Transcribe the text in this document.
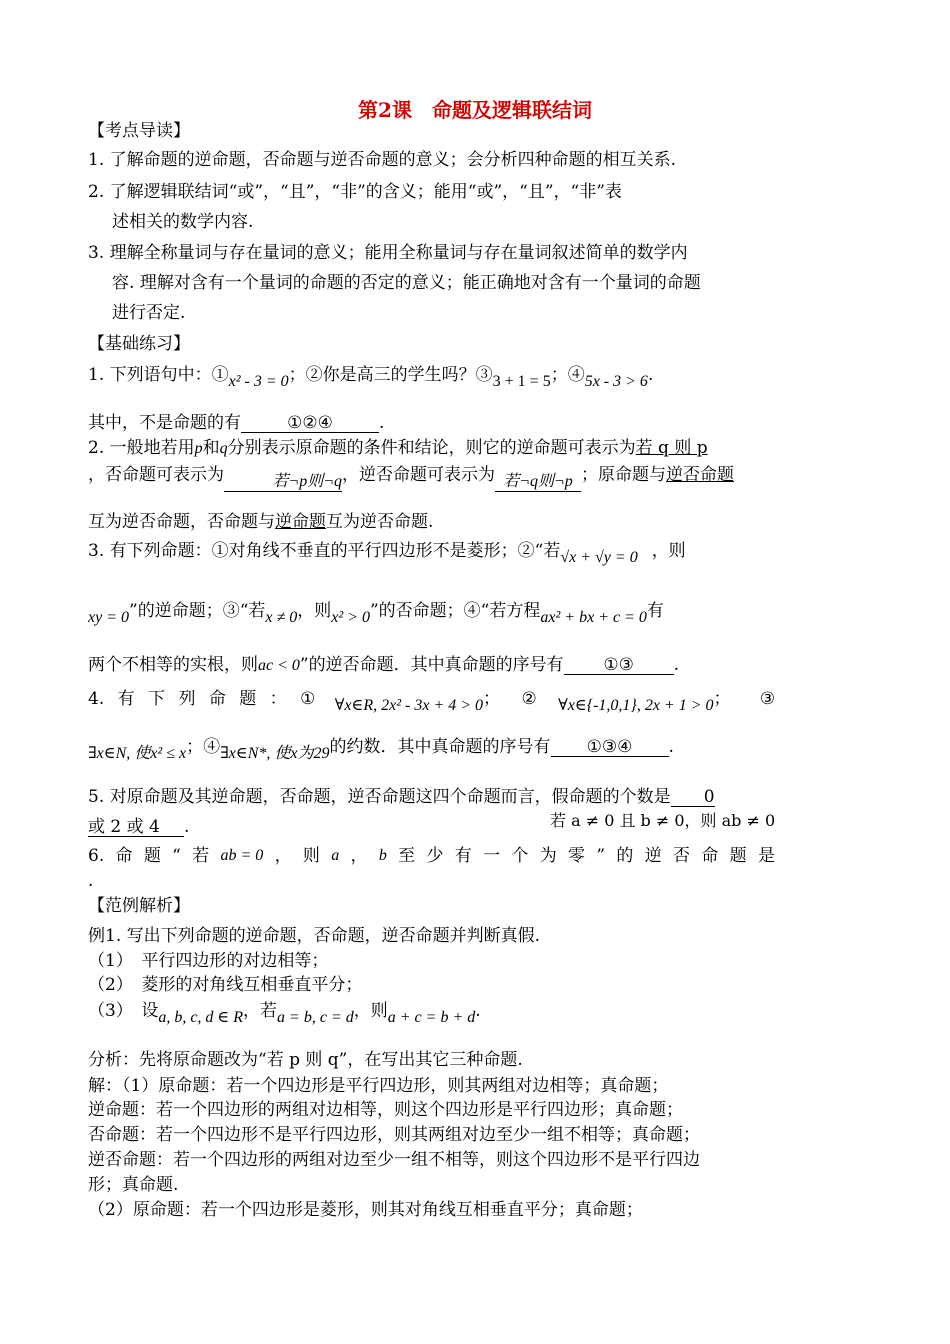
第2课　命题及逻辑联结词
【考点导读】
1. 了解命题的逆命题，否命题与逆否命题的意义；会分析四种命题的相互关系.
2. 了解逻辑联结词“或”，“且”，“非”的含义；能用“或”，“且”，“非”表
述相关的数学内容.
3. 理解全称量词与存在量词的意义；能用全称量词与存在量词叙述简单的数学内
容. 理解对含有一个量词的命题的否定的意义；能正确地对含有一个量词的命题
进行否定.
【基础练习】
1. 下列语句中：①x² - 3 = 0；②你是高三的学生吗？③3 + 1 = 5；④5x - 3 > 6.
其中，不是命题的有	①②④	.
2. 一般地若用p和q分别表示原命题的条件和结论，则它的逆命题可表示为若 q 则 p
，否命题可表示为	若¬p则¬q，逆否命题可表示为 若¬q则¬p ；原命题与逆否命题
互为逆否命题，否命题与逆命题互为逆否命题.
3. 有下列命题：①对角线不垂直的平行四边形不是菱形；②“若√x + √y = 0 ，则
xy = 0”的逆命题；③“若x ≠ 0，则x² > 0”的否命题；④“若方程ax² + bx + c = 0有
两个不相等的实根，则ac < 0”的逆否命题．其中真命题的序号有 ①③ .
4. 有 下 列 命 题 ： ① ∀x∈R, 2x² - 3x + 4 > 0； ② ∀x∈{-1,0,1}, 2x + 1 > 0； ③
∃x∈N, 使x² ≤ x；④∃x∈N*, 使x为29的约数．其中真命题的序号有 ①③④ .
5. 对原命题及其逆命题，否命题，逆否命题这四个命题而言，假命题的个数是 0
或 2 或 4 .	若 a ≠ 0 且 b ≠ 0，则 ab ≠ 0
6. 命 题 “ 若 ab = 0 ， 则 a ， b 至 少 有 一 个 为 零 ” 的 逆 否 命 题 是
.
【范例解析】
例1. 写出下列命题的逆命题，否命题，逆否命题并判断真假.
（1）　平行四边形的对边相等；
（2）　菱形的对角线互相垂直平分；
（3）　设a, b, c, d ∈ R，若a = b, c = d，则a + c = b + d.
分析：先将原命题改为“若 p 则 q”，在写出其它三种命题.
解：（1）原命题：若一个四边形是平行四边形，则其两组对边相等；真命题；
逆命题：若一个四边形的两组对边相等，则这个四边形是平行四边形；真命题；
否命题：若一个四边形不是平行四边形，则其两组对边至少一组不相等；真命题；
逆否命题：若一个四边形的两组对边至少一组不相等，则这个四边形不是平行四边
形；真命题.
（2）原命题：若一个四边形是菱形，则其对角线互相垂直平分；真命题；
